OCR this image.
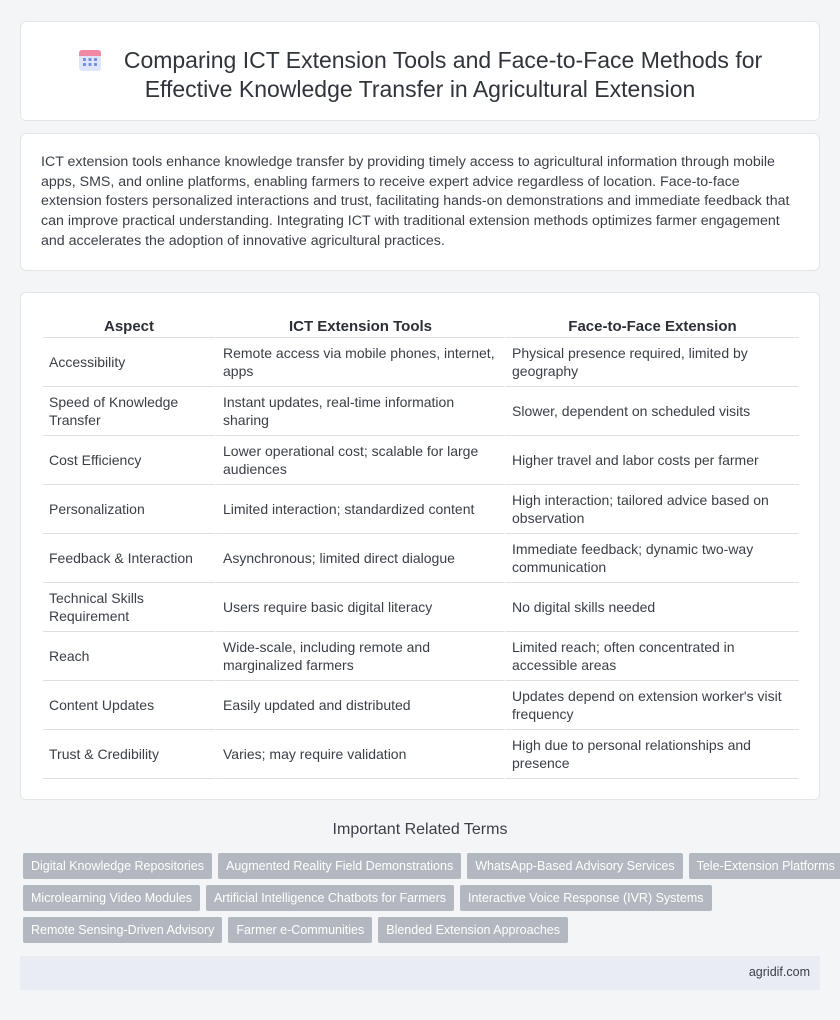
Comparing ICT Extension Tools and Face-to-Face Methods for Effective Knowledge Transfer in Agricultural Extension

ICT extension tools enhance knowledge transfer by providing timely access to agricultural information through mobile apps, SMS, and online platforms, enabling farmers to receive expert advice regardless of location. Face-to-face extension fosters personalized interactions and trust, facilitating hands-on demonstrations and immediate feedback that can improve practical understanding. Integrating ICT with traditional extension methods optimizes farmer engagement and accelerates the adoption of innovative agricultural practices.

Aspect	ICT Extension Tools	Face-to-Face Extension
Accessibility	Remote access via mobile phones, internet, apps	Physical presence required, limited by geography
Speed of Knowledge Transfer	Instant updates, real-time information sharing	Slower, dependent on scheduled visits
Cost Efficiency	Lower operational cost; scalable for large audiences	Higher travel and labor costs per farmer
Personalization	Limited interaction; standardized content	High interaction; tailored advice based on observation
Feedback & Interaction	Asynchronous; limited direct dialogue	Immediate feedback; dynamic two-way communication
Technical Skills Requirement	Users require basic digital literacy	No digital skills needed
Reach	Wide-scale, including remote and marginalized farmers	Limited reach; often concentrated in accessible areas
Content Updates	Easily updated and distributed	Updates depend on extension worker's visit frequency
Trust & Credibility	Varies; may require validation	High due to personal relationships and presence
Important Related Terms
Digital Knowledge Repositories	Augmented Reality Field Demonstrations	WhatsApp-Based Advisory Services	Tele-Extension Platforms
Microlearning Video Modules	Artificial Intelligence Chatbots for Farmers	Interactive Voice Response (IVR) Systems
Remote Sensing-Driven Advisory	Farmer e-Communities	Blended Extension Approaches
agridif.com
